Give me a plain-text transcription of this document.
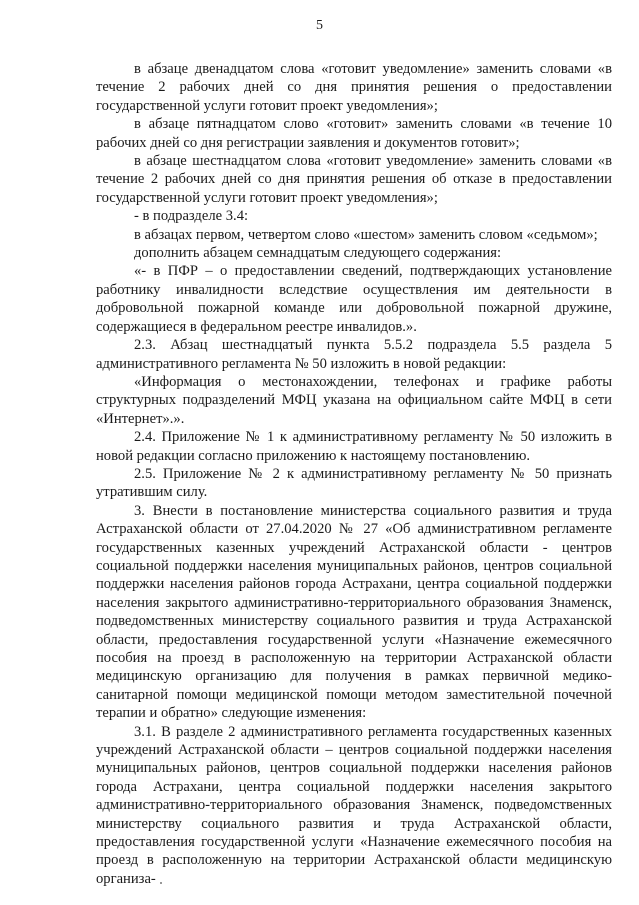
5

в абзаце двенадцатом слова «готовит уведомление» заменить словами «в течение 2 рабочих дней со дня принятия решения о предоставлении государственной услуги готовит проект уведомления»;

в абзаце пятнадцатом слово «готовит» заменить словами «в течение 10 рабочих дней со дня регистрации заявления и документов готовит»;

в абзаце шестнадцатом слова «готовит уведомление» заменить словами «в течение 2 рабочих дней со дня принятия решения об отказе в предоставлении государственной услуги готовит проект уведомления»;

- в подразделе 3.4:

в абзацах первом, четвертом слово «шестом» заменить словом «седьмом»;

дополнить абзацем семнадцатым следующего содержания:

«- в ПФР – о предоставлении сведений, подтверждающих установление работнику инвалидности вследствие осуществления им деятельности в добровольной пожарной команде или добровольной пожарной дружине, содержащиеся в федеральном реестре инвалидов.».

2.3. Абзац шестнадцатый пункта 5.5.2 подраздела 5.5 раздела 5 административного регламента № 50 изложить в новой редакции:

«Информация о местонахождении, телефонах и графике работы структурных подразделений МФЦ указана на официальном сайте МФЦ в сети «Интернет».».

2.4. Приложение № 1 к административному регламенту № 50 изложить в новой редакции согласно приложению к настоящему постановлению.

2.5. Приложение № 2 к административному регламенту № 50 признать утратившим силу.

3. Внести в постановление министерства социального развития и труда Астраханской области от 27.04.2020 № 27 «Об административном регламенте государственных казенных учреждений Астраханской области - центров социальной поддержки населения муниципальных районов, центров социальной поддержки населения районов города Астрахани, центра социальной поддержки населения закрытого административно-территориального образования Знаменск, подведомственных министерству социального развития и труда Астраханской области, предоставления государственной услуги «Назначение ежемесячного пособия на проезд в расположенную на территории Астраханской области медицинскую организацию для получения в рамках первичной медико-санитарной помощи медицинской помощи методом заместительной почечной терапии и обратно» следующие изменения:

3.1. В разделе 2 административного регламента государственных казенных учреждений Астраханской области – центров социальной поддержки населения муниципальных районов, центров социальной поддержки населения районов города Астрахани, центра социальной поддержки населения закрытого административно-территориального образования Знаменск, подведомственных министерству социального развития и труда Астраханской области, предоставления государственной услуги «Назначение ежемесячного пособия на проезд в расположенную на территории Астраханской области медицинскую организа-
